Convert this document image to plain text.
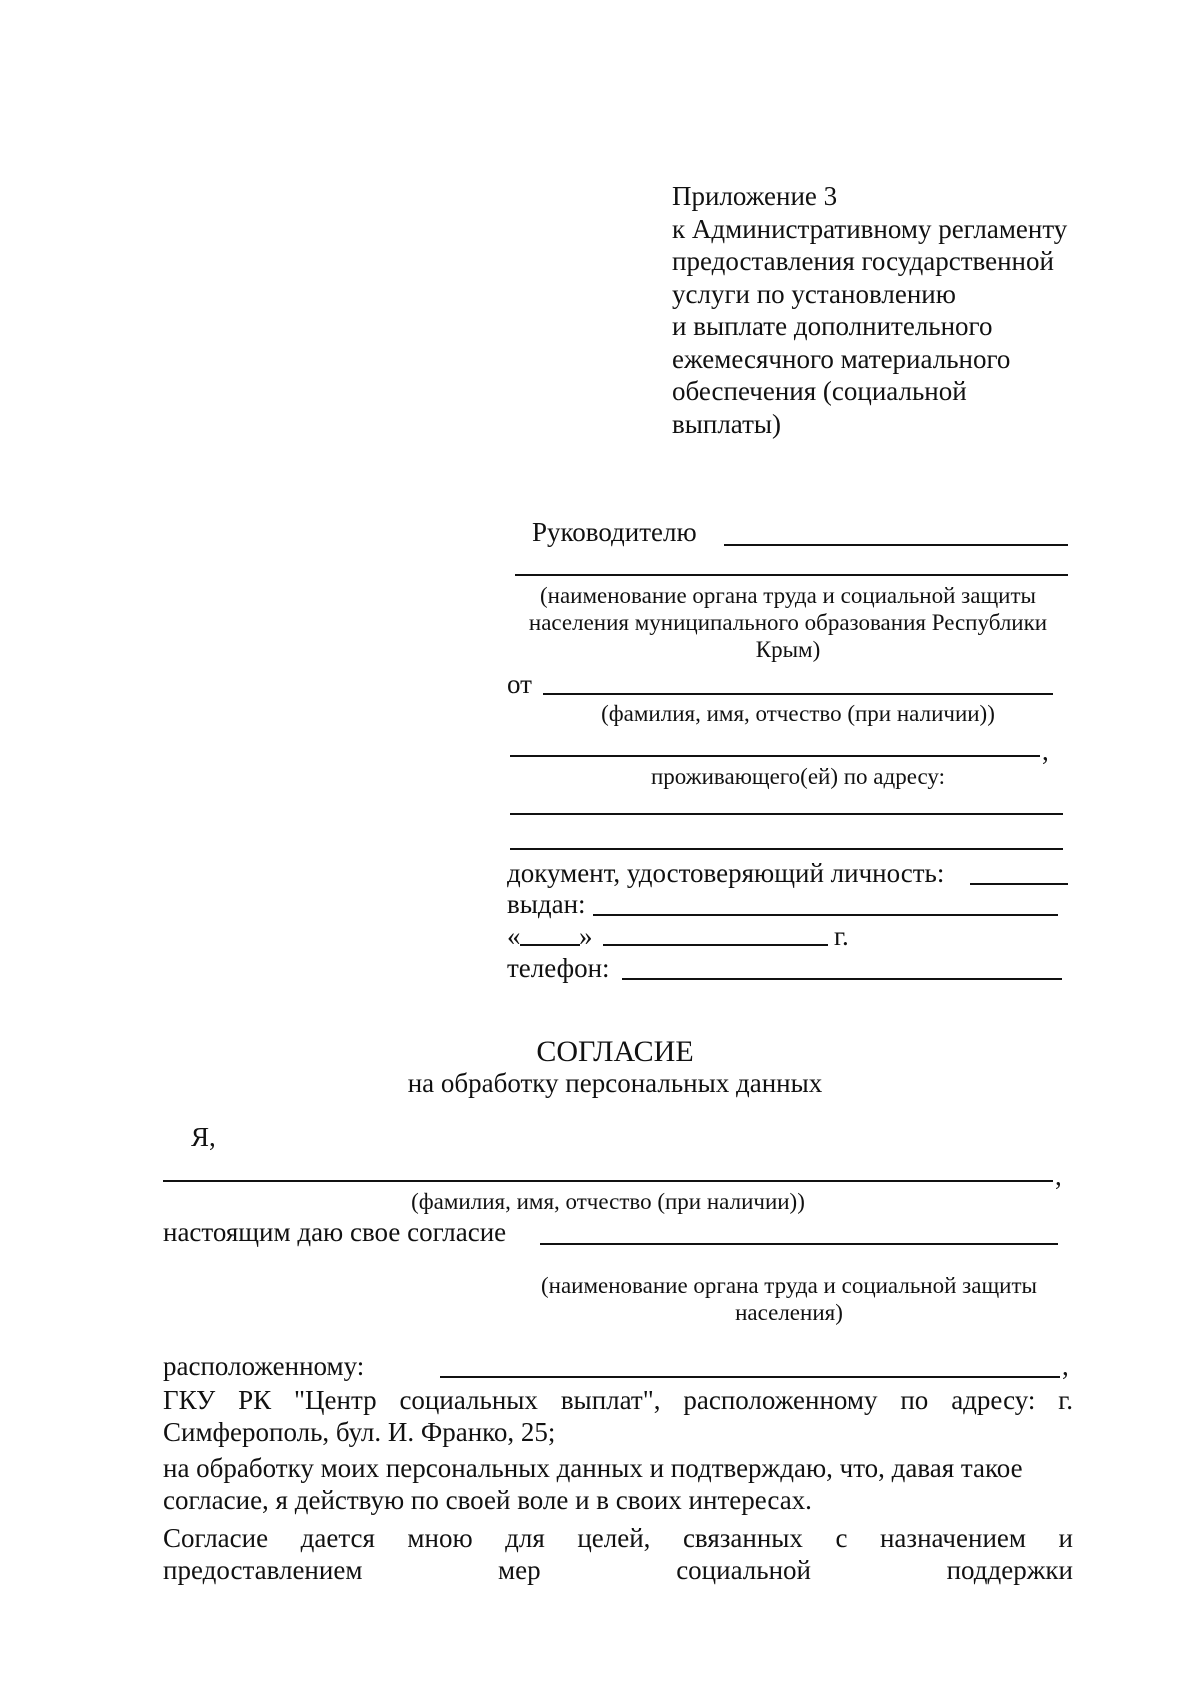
Приложение 3
к Административному регламенту
предоставления государственной
услуги по установлению
и выплате дополнительного
ежемесячного материального
обеспечения (социальной
выплаты)
Руководителю
(наименование органа труда и социальной защиты
населения муниципального образования Республики
Крым)
от
(фамилия, имя, отчество (при наличии))
,
проживающего(ей) по адресу:
документ, удостоверяющий личность:
выдан:
« »	г.
телефон:
СОГЛАСИЕ
на обработку персональных данных
Я,
,
(фамилия, имя, отчество (при наличии))
настоящим даю свое согласие
(наименование органа труда и социальной защиты
населения)
расположенному:	,
ГКУ РК "Центр социальных выплат", расположенному по адресу: г.
Симферополь, бул. И. Франко, 25;
на обработку моих персональных данных и подтверждаю, что, давая такое
согласие, я действую по своей воле и в своих интересах.
Согласие дается мною для целей, связанных с назначением и
предоставлением	мер	социальной	поддержки
